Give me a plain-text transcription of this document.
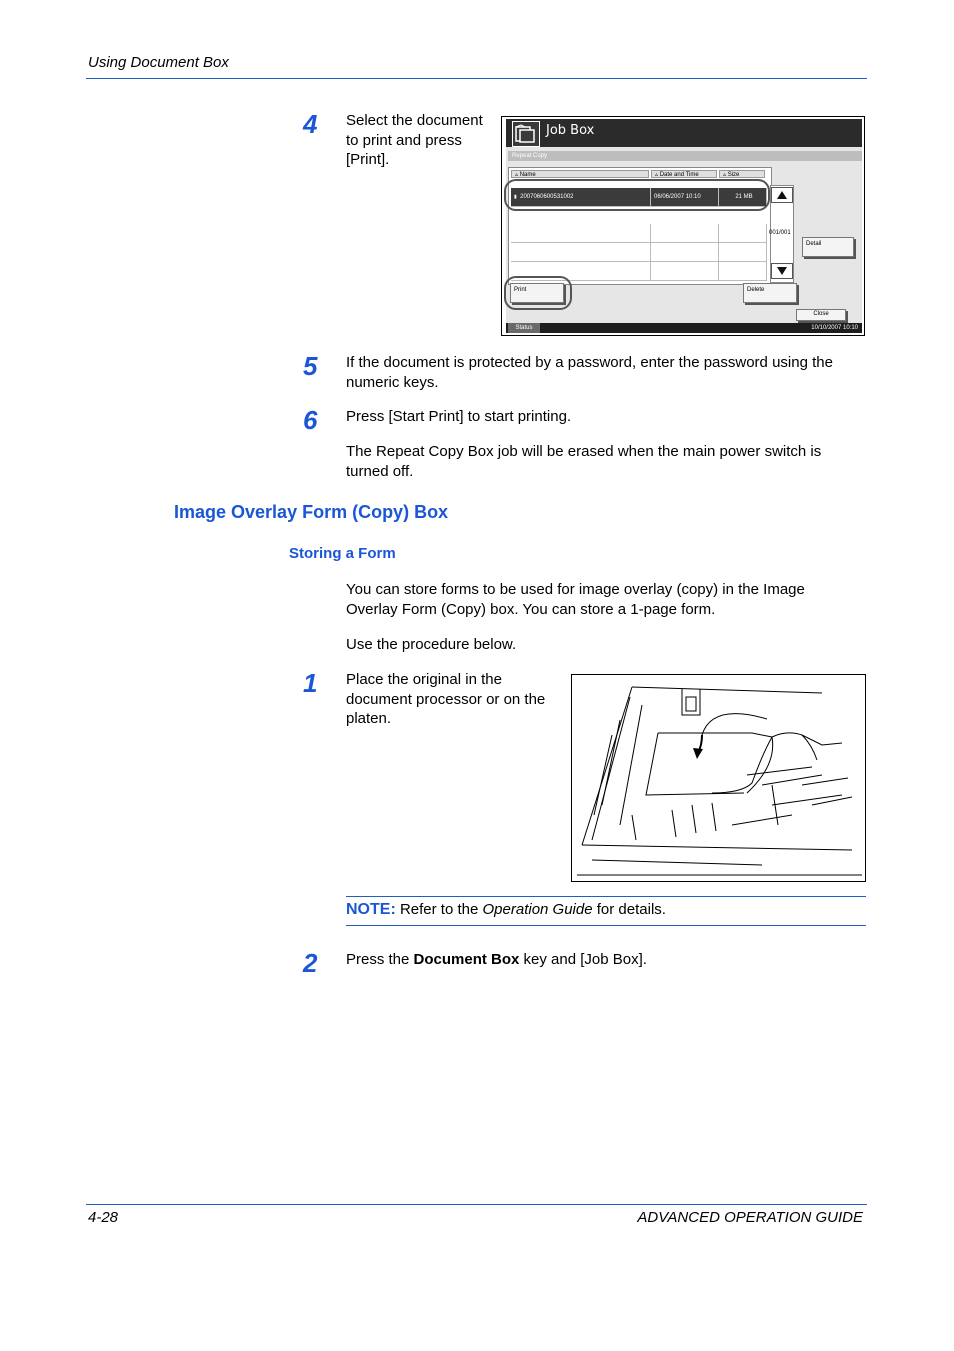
Using Document Box
4 Select the document to print and press [Print].
Job Box
Repeat Copy
▵ Name	▵ Date and Time	▵ Size
▮ 2007060600531002	06/06/2007 10:10	21 MB
001/001
Detail
Print	Delete
Close
Status	10/10/2007 10:10
5 If the document is protected by a password, enter the password using the numeric keys.
6 Press [Start Print] to start printing.
The Repeat Copy Box job will be erased when the main power switch is turned off.
Image Overlay Form (Copy) Box
Storing a Form
You can store forms to be used for image overlay (copy) in the Image Overlay Form (Copy) box. You can store a 1-page form.
Use the procedure below.
1 Place the original in the document processor or on the platen.
NOTE: Refer to the Operation Guide for details.
2 Press the Document Box key and [Job Box].
4-28	ADVANCED OPERATION GUIDE
